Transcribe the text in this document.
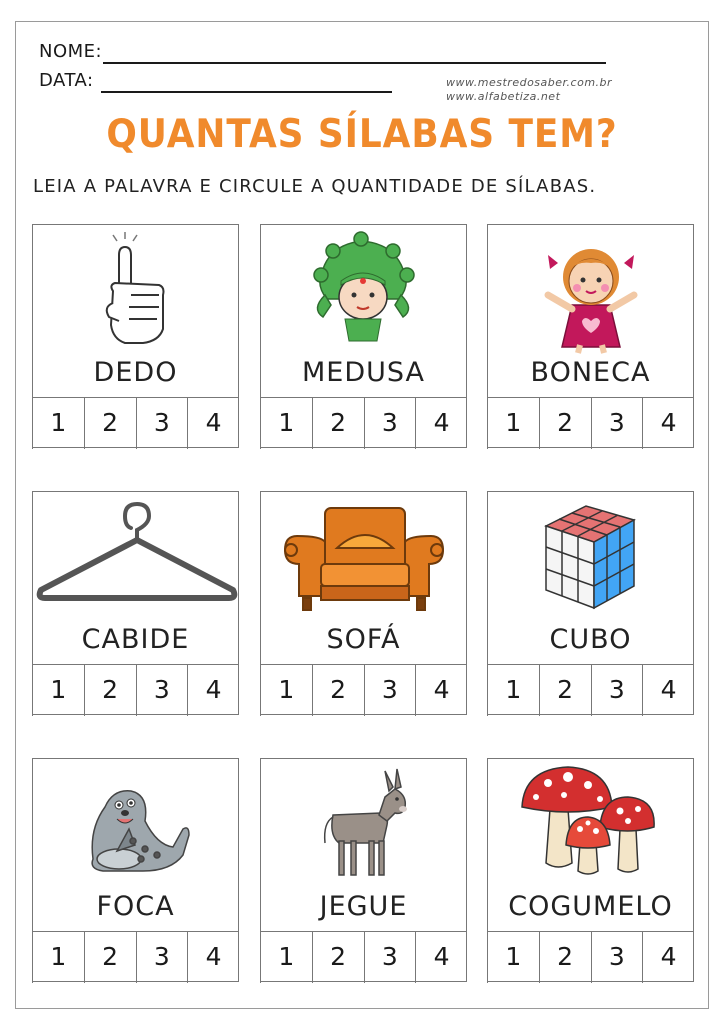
NOME:
DATA:	www.mestredosaber.com.br
www.alfabetiza.net
QUANTAS SÍLABAS TEM?
LEIA A PALAVRA E CIRCULE A QUANTIDADE DE SÍLABAS.
DEDO
1	2	3	4
MEDUSA
1	2	3	4
BONECA
1	2	3	4
CABIDE
1	2	3	4
SOFÁ
1	2	3	4
CUBO
1	2	3	4
FOCA
1	2	3	4
JEGUE
1	2	3	4
COGUMELO
1	2	3	4
